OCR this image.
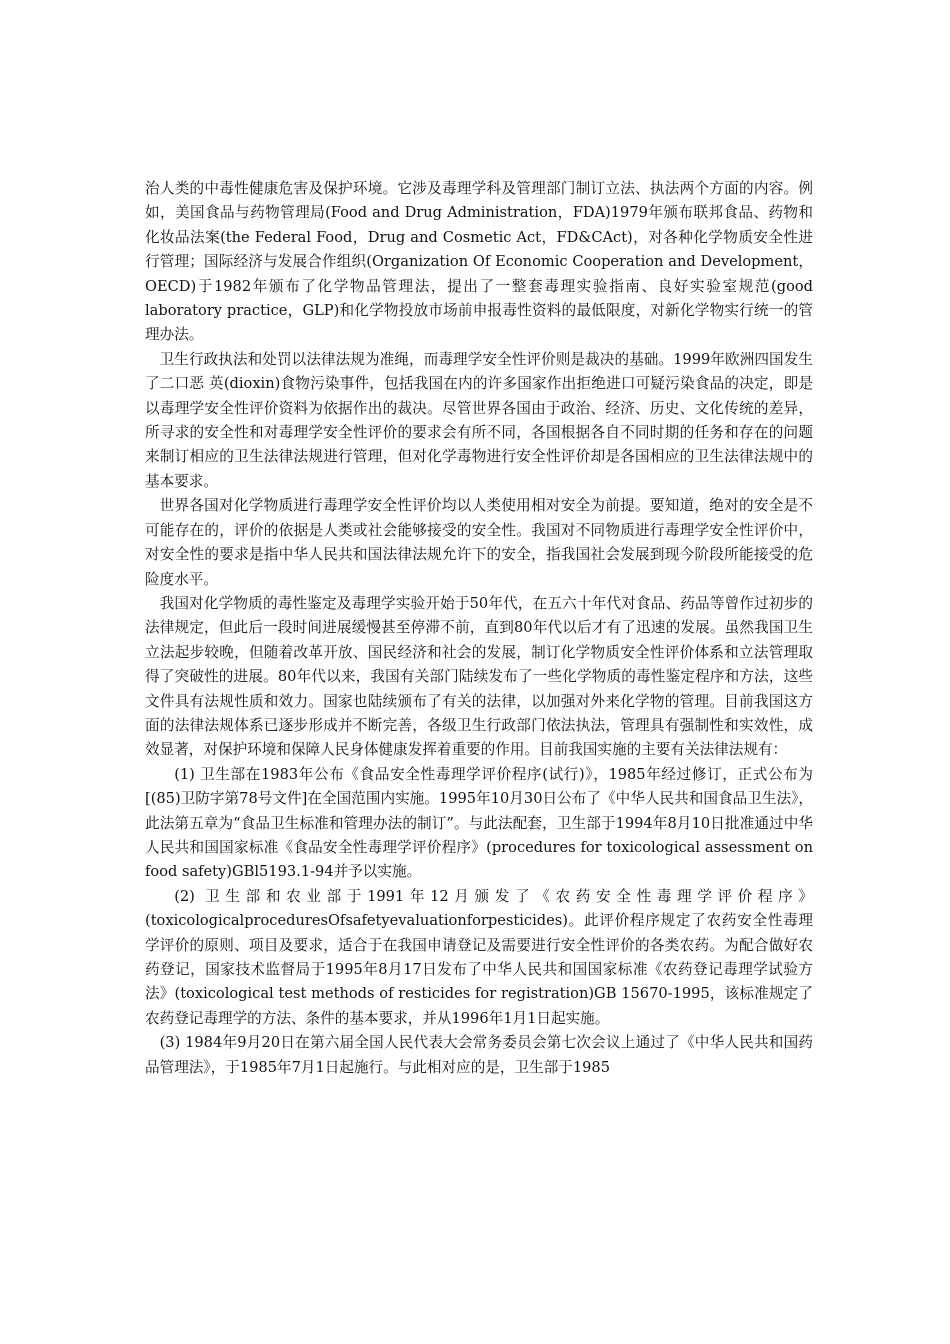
治人类的中毒性健康危害及保护环境。它涉及毒理学科及管理部门制订立法、执法两个方面的内容。例如，美国食品与药物管理局(Food and Drug Administration，FDA)1979年颁布联邦食品、药物和化妆品法案(the Federal Food，Drug and Cosmetic Act，FD&CAct)，对各种化学物质安全性进行管理；国际经济与发展合作组织(Organization Of Economic Cooperation and Development，OECD)于1982年颁布了化学物品管理法，提出了一整套毒理实验指南、良好实验室规范(good laboratory practice，GLP)和化学物投放市场前申报毒性资料的最低限度，对新化学物实行统一的管理办法。

卫生行政执法和处罚以法律法规为准绳，而毒理学安全性评价则是裁决的基础。1999年欧洲四国发生了二口恶 英(dioxin)食物污染事件，包括我国在内的许多国家作出拒绝进口可疑污染食品的决定，即是以毒理学安全性评价资料为依据作出的裁决。尽管世界各国由于政治、经济、历史、文化传统的差异，所寻求的安全性和对毒理学安全性评价的要求会有所不同，各国根据各自不同时期的任务和存在的问题来制订相应的卫生法律法规进行管理，但对化学毒物进行安全性评价却是各国相应的卫生法律法规中的基本要求。

世界各国对化学物质进行毒理学安全性评价均以人类使用相对安全为前提。要知道，绝对的安全是不可能存在的，评价的依据是人类或社会能够接受的安全性。我国对不同物质进行毒理学安全性评价中，对安全性的要求是指中华人民共和国法律法规允许下的安全，指我国社会发展到现今阶段所能接受的危险度水平。

我国对化学物质的毒性鉴定及毒理学实验开始于50年代，在五六十年代对食品、药品等曾作过初步的法律规定，但此后一段时间进展缓慢甚至停滞不前，直到80年代以后才有了迅速的发展。虽然我国卫生立法起步较晚，但随着改革开放、国民经济和社会的发展，制订化学物质安全性评价体系和立法管理取得了突破性的进展。80年代以来，我国有关部门陆续发布了一些化学物质的毒性鉴定程序和方法，这些文件具有法规性质和效力。国家也陆续颁布了有关的法律，以加强对外来化学物的管理。目前我国这方面的法律法规体系已逐步形成并不断完善，各级卫生行政部门依法执法，管理具有强制性和实效性，成效显著，对保护环境和保障人民身体健康发挥着重要的作用。目前我国实施的主要有关法律法规有：

(1) 卫生部在1983年公布《食品安全性毒理学评价程序(试行)》，1985年经过修订，正式公布为[(85)卫防字第78号文件]在全国范围内实施。1995年10月30日公布了《中华人民共和国食品卫生法》，此法第五章为“食品卫生标准和管理办法的制订”。与此法配套，卫生部于1994年8月10日批准通过中华人民共和国国家标准《食品安全性毒理学评价程序》(procedures for toxicological assessment on food safety)GBl5193.1-94并予以实施。

(2) 卫生部和农业部于1991年12月颁发了《农药安全性毒理学评价程序》(toxicologicalproceduresOfsafetyevaluationforpesticides)。此评价程序规定了农药安全性毒理学评价的原则、项目及要求，适合于在我国申请登记及需要进行安全性评价的各类农药。为配合做好农药登记，国家技术监督局于1995年8月17日发布了中华人民共和国国家标准《农药登记毒理学试验方法》(toxicological test methods of resticides for registration)GB 15670-1995，该标准规定了农药登记毒理学的方法、条件的基本要求，并从1996年1月1日起实施。

(3) 1984年9月20日在第六届全国人民代表大会常务委员会第七次会议上通过了《中华人民共和国药品管理法》，于1985年7月1日起施行。与此相对应的是，卫生部于1985
